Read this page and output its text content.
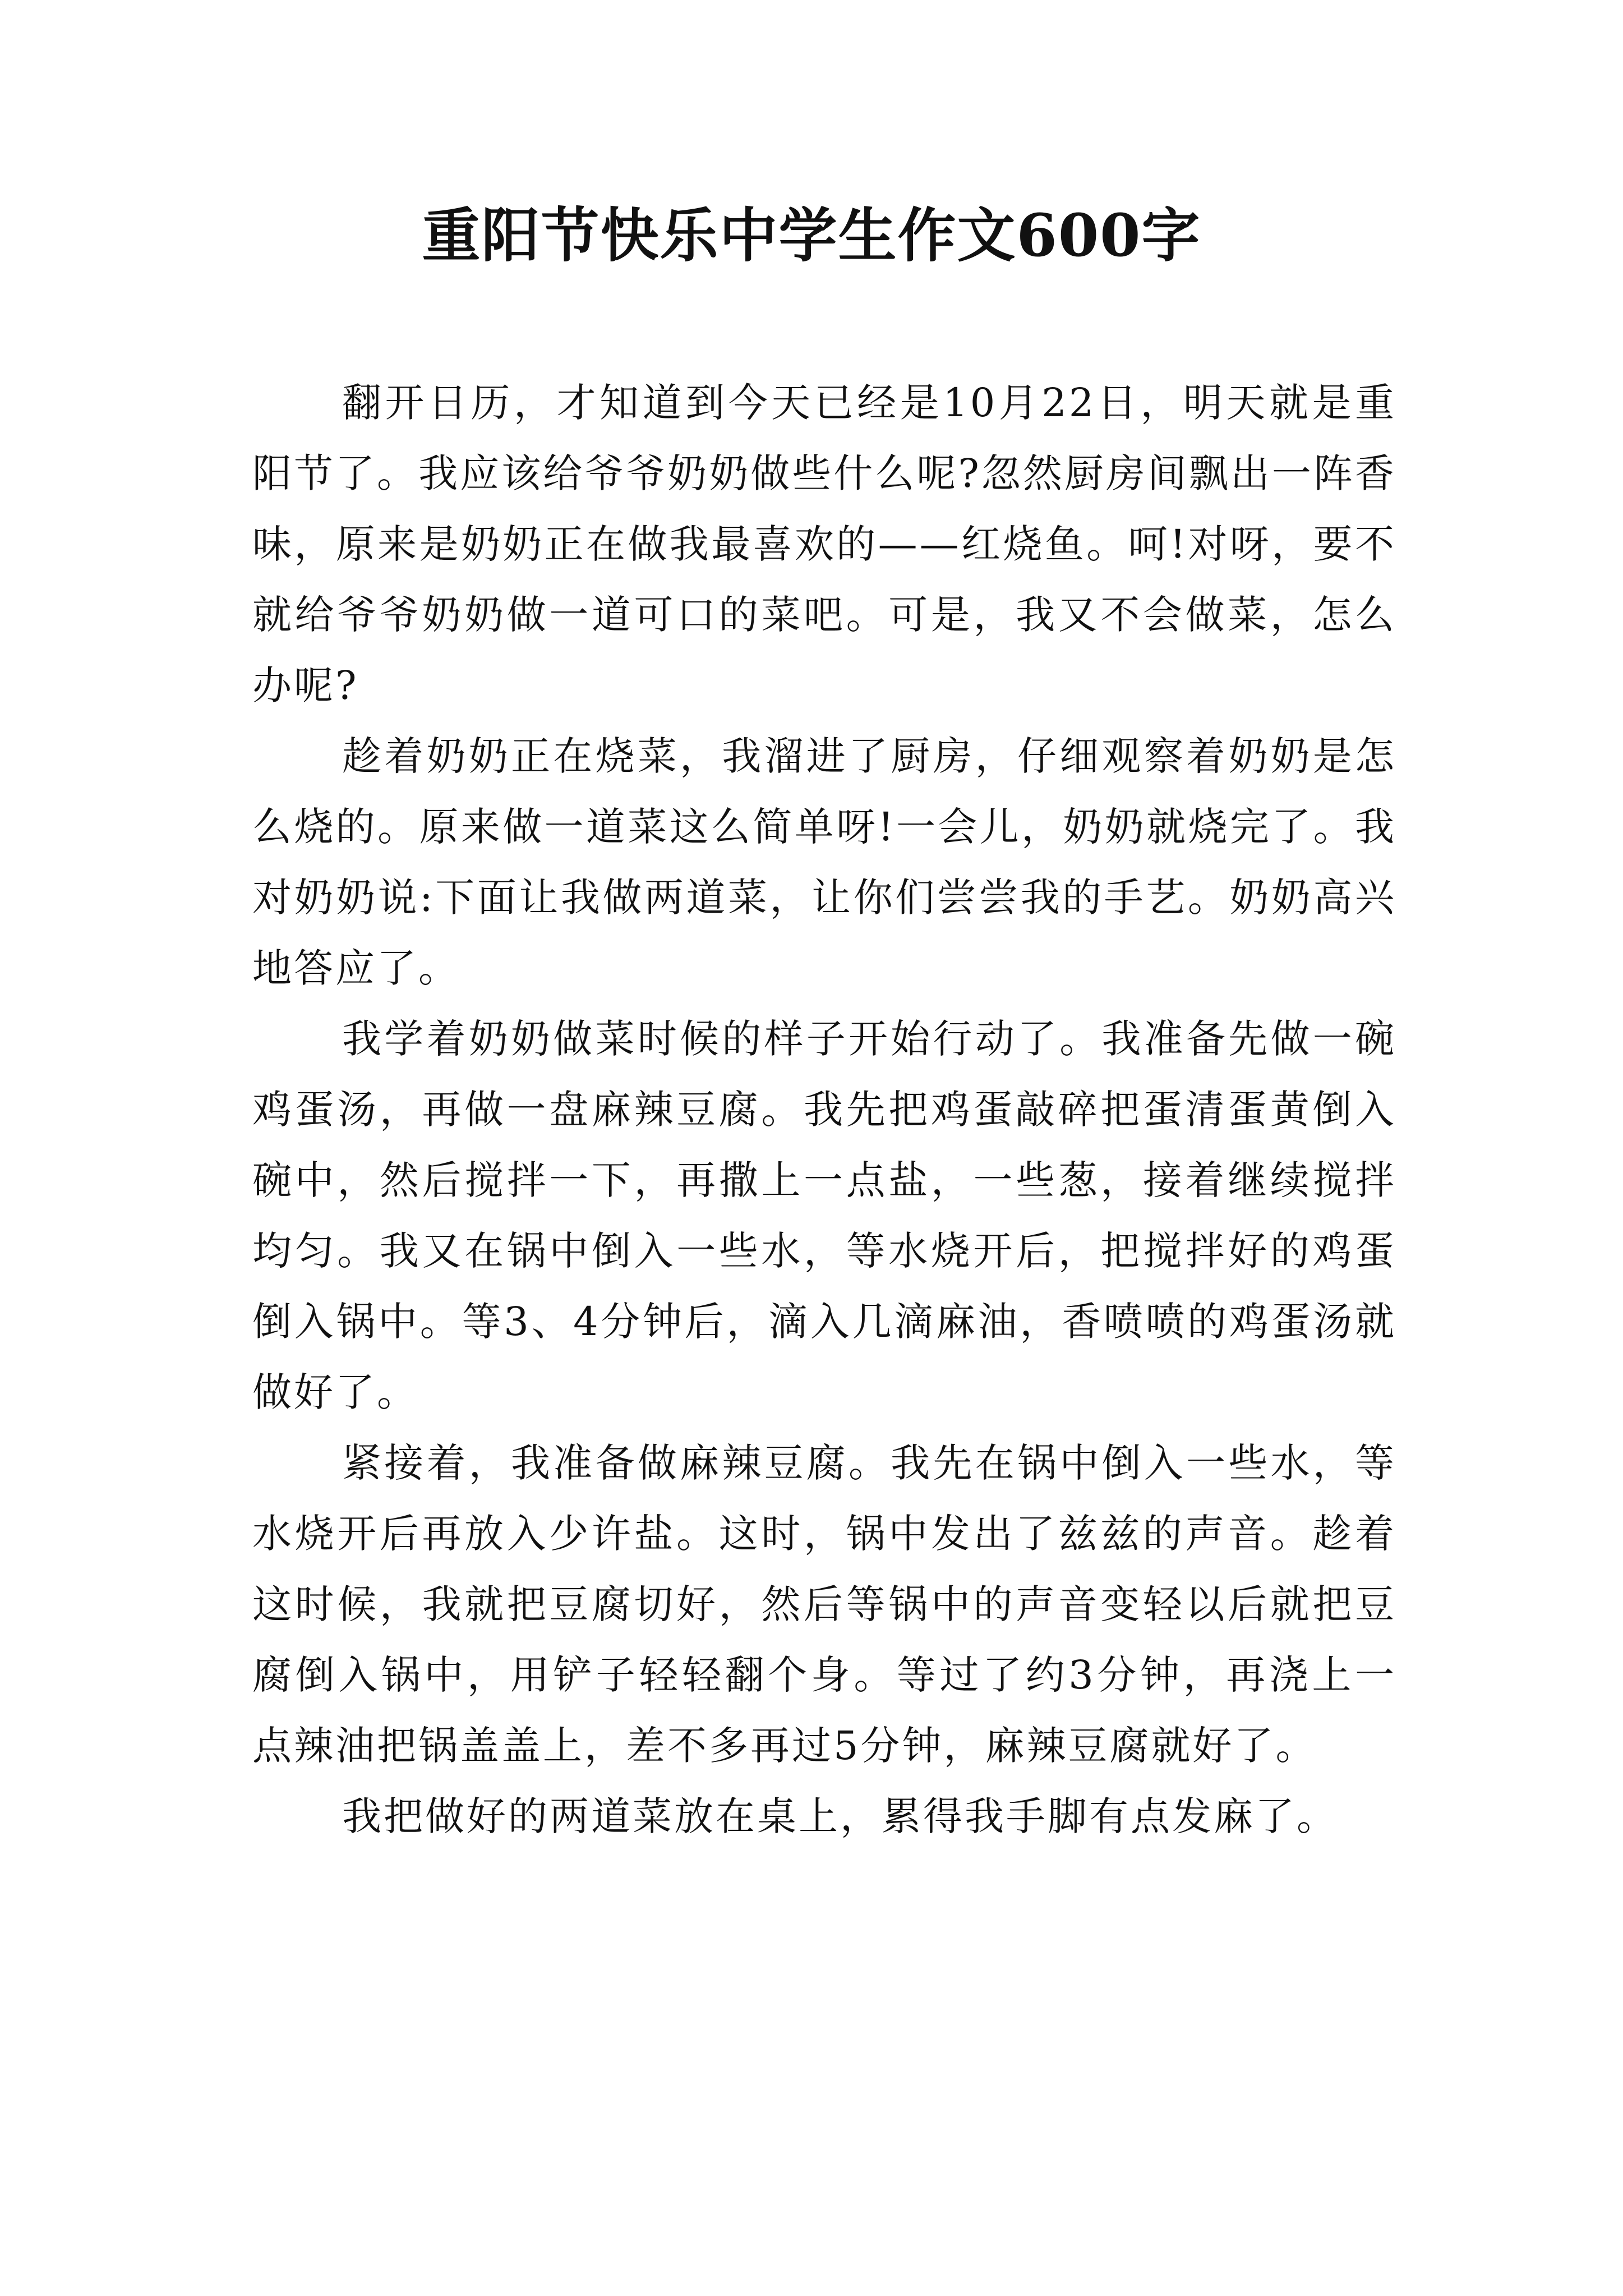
重阳节快乐中学生作文600字

翻开日历，才知道到今天已经是10月22日，明天就是重阳节了。我应该给爷爷奶奶做些什么呢?忽然厨房间飘出一阵香味，原来是奶奶正在做我最喜欢的——红烧鱼。呵!对呀，要不就给爷爷奶奶做一道可口的菜吧。可是，我又不会做菜，怎么办呢?

趁着奶奶正在烧菜，我溜进了厨房，仔细观察着奶奶是怎么烧的。原来做一道菜这么简单呀!一会儿，奶奶就烧完了。我对奶奶说:下面让我做两道菜，让你们尝尝我的手艺。奶奶高兴地答应了。

我学着奶奶做菜时候的样子开始行动了。我准备先做一碗鸡蛋汤，再做一盘麻辣豆腐。我先把鸡蛋敲碎把蛋清蛋黄倒入碗中，然后搅拌一下，再撒上一点盐，一些葱，接着继续搅拌均匀。我又在锅中倒入一些水，等水烧开后，把搅拌好的鸡蛋倒入锅中。等3、4分钟后，滴入几滴麻油，香喷喷的鸡蛋汤就做好了。

紧接着，我准备做麻辣豆腐。我先在锅中倒入一些水，等水烧开后再放入少许盐。这时，锅中发出了兹兹的声音。趁着这时候，我就把豆腐切好，然后等锅中的声音变轻以后就把豆腐倒入锅中，用铲子轻轻翻个身。等过了约3分钟，再浇上一点辣油把锅盖盖上，差不多再过5分钟，麻辣豆腐就好了。

我把做好的两道菜放在桌上，累得我手脚有点发麻了。
